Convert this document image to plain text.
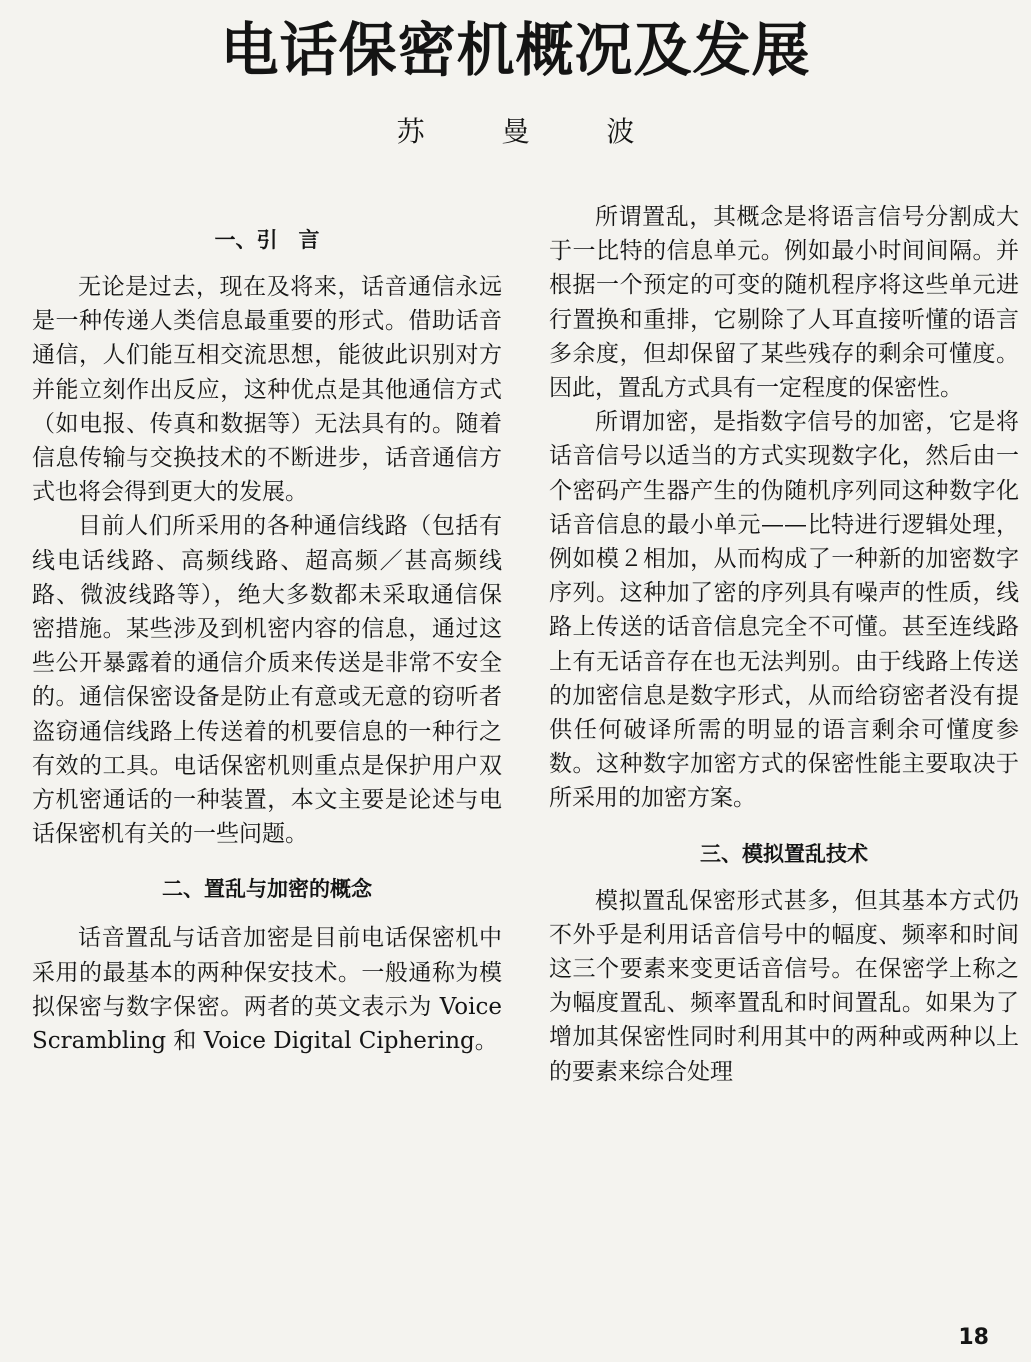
电话保密机概况及发展
苏 曼 波
一、引　言

无论是过去，现在及将来，话音通信永远是一种传递人类信息最重要的形式。借助话音通信，人们能互相交流思想，能彼此识别对方并能立刻作出反应，这种优点是其他通信方式（如电报、传真和数据等）无法具有的。随着信息传输与交换技术的不断进步，话音通信方式也将会得到更大的发展。

目前人们所采用的各种通信线路（包括有线电话线路、高频线路、超高频／甚高频线路、微波线路等），绝大多数都未采取通信保密措施。某些涉及到机密内容的信息，通过这些公开暴露着的通信介质来传送是非常不安全的。通信保密设备是防止有意或无意的窃听者盗窃通信线路上传送着的机要信息的一种行之有效的工具。电话保密机则重点是保护用户双方机密通话的一种装置，本文主要是论述与电话保密机有关的一些问题。

二、置乱与加密的概念

话音置乱与话音加密是目前电话保密机中采用的最基本的两种保安技术。一般通称为模拟保密与数字保密。两者的英文表示为 Voice Scrambling 和 Voice Digital Ciphering。

所谓置乱，其概念是将语言信号分割成大于一比特的信息单元。例如最小时间间隔。并根据一个预定的可变的随机程序将这些单元进行置换和重排，它剔除了人耳直接听懂的语言多余度，但却保留了某些残存的剩余可懂度。因此，置乱方式具有一定程度的保密性。

所谓加密，是指数字信号的加密，它是将话音信号以适当的方式实现数字化，然后由一个密码产生器产生的伪随机序列同这种数字化话音信息的最小单元——比特进行逻辑处理，例如模２相加，从而构成了一种新的加密数字序列。这种加了密的序列具有噪声的性质，线路上传送的话音信息完全不可懂。甚至连线路上有无话音存在也无法判别。由于线路上传送的加密信息是数字形式，从而给窃密者没有提供任何破译所需的明显的语言剩余可懂度参数。这种数字加密方式的保密性能主要取决于所采用的加密方案。

三、模拟置乱技术

模拟置乱保密形式甚多，但其基本方式仍不外乎是利用话音信号中的幅度、频率和时间这三个要素来变更话音信号。在保密学上称之为幅度置乱、频率置乱和时间置乱。如果为了增加其保密性同时利用其中的两种或两种以上的要素来综合处理

18
